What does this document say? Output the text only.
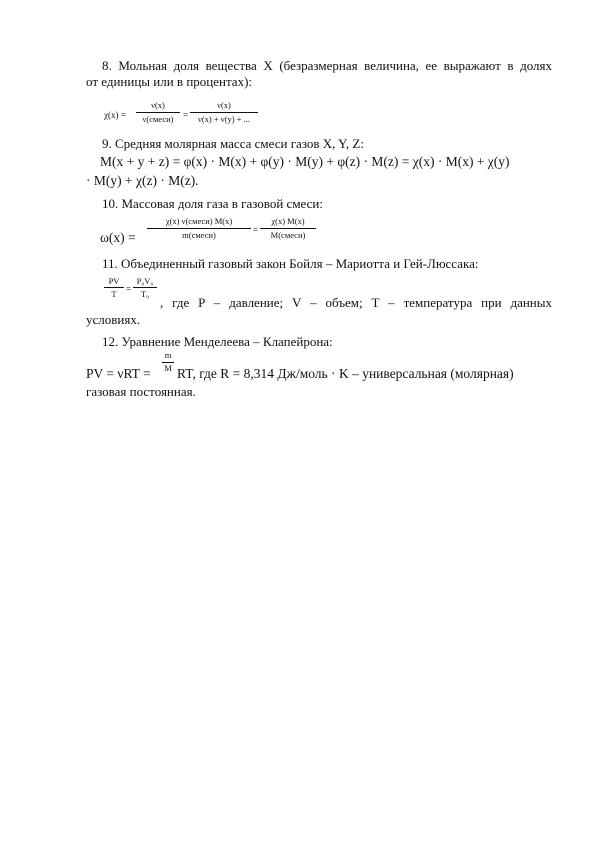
8. Мольная доля вещества X (безразмерная величина, ее выражают в долях
от единицы или в процентах):
χ(x) =
ν(x)
ν(смеси)	=
ν(x)
ν(x) + ν(y) + ...
9. Средняя молярная масса смеси газов X, Y, Z:
M(x + y + z) = φ(x) · M(x) + φ(y) · M(y) + φ(z) · M(z) = χ(x) · M(x) + χ(y)
· M(y) + χ(z) · M(z).
10. Массовая доля газа в газовой смеси:
ω(x) =
χ(x) ν(смеси) M(x)
m(смеси)	=
χ(x) M(x)
M(смеси)
11. Объединенный газовый закон Бойля – Мариотта и Гей-Люссака:
PV
T	=
P₀V₀
T₀
, где P – давление; V – объем; T – температура при данных
условиях.
12. Уравнение Менделеева – Клапейрона:
PV = νRT =
m
M RT, где R = 8,314 Дж/моль · K – универсальная (молярная)
газовая постоянная.
